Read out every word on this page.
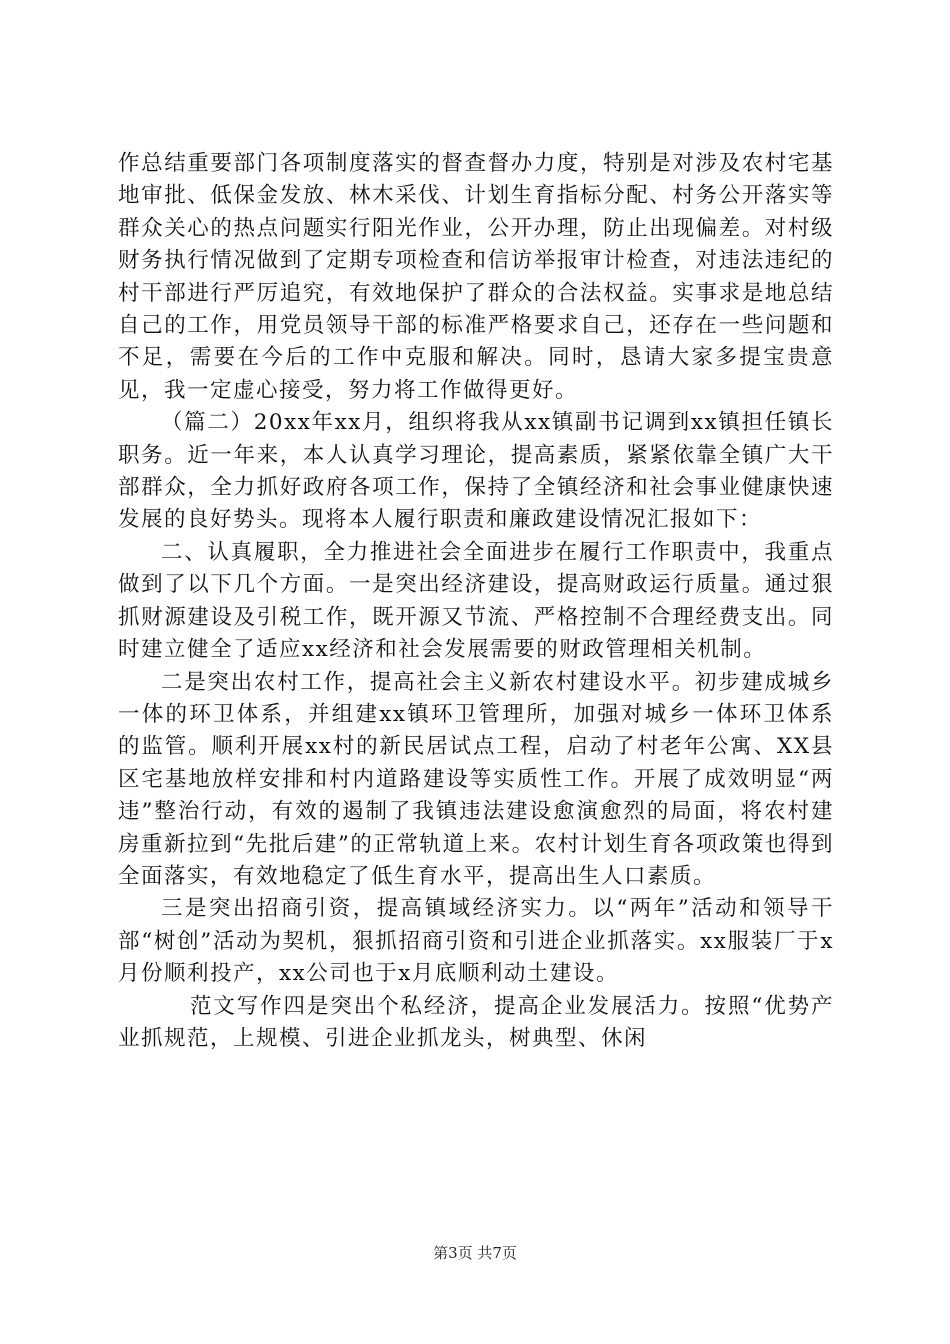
作总结重要部门各项制度落实的督查督办力度，特别是对涉及农村宅基地审批、低保金发放、林木采伐、计划生育指标分配、村务公开落实等群众关心的热点问题实行阳光作业，公开办理，防止出现偏差。对村级财务执行情况做到了定期专项检查和信访举报审计检查，对违法违纪的村干部进行严厉追究，有效地保护了群众的合法权益。实事求是地总结自己的工作，用党员领导干部的标准严格要求自己，还存在一些问题和不足，需要在今后的工作中克服和解决。同时，恳请大家多提宝贵意见，我一定虚心接受，努力将工作做得更好。

（篇二）20xx年xx月，组织将我从xx镇副书记调到xx镇担任镇长职务。近一年来，本人认真学习理论，提高素质，紧紧依靠全镇广大干部群众，全力抓好政府各项工作，保持了全镇经济和社会事业健康快速发展的良好势头。现将本人履行职责和廉政建设情况汇报如下：

二、认真履职，全力推进社会全面进步在履行工作职责中，我重点做到了以下几个方面。一是突出经济建设，提高财政运行质量。通过狠抓财源建设及引税工作，既开源又节流、严格控制不合理经费支出。同时建立健全了适应xx经济和社会发展需要的财政管理相关机制。

二是突出农村工作，提高社会主义新农村建设水平。初步建成城乡一体的环卫体系，并组建xx镇环卫管理所，加强对城乡一体环卫体系的监管。顺利开展xx村的新民居试点工程，启动了村老年公寓、XX县区宅基地放样安排和村内道路建设等实质性工作。开展了成效明显“两违”整治行动，有效的遏制了我镇违法建设愈演愈烈的局面，将农村建房重新拉到“先批后建”的正常轨道上来。农村计划生育各项政策也得到全面落实，有效地稳定了低生育水平，提高出生人口素质。

三是突出招商引资，提高镇域经济实力。以“两年”活动和领导干部“树创”活动为契机，狠抓招商引资和引进企业抓落实。xx服装厂于x月份顺利投产，xx公司也于x月底顺利动土建设。

范文写作四是突出个私经济，提高企业发展活力。按照“优势产业抓规范，上规模、引进企业抓龙头，树典型、休闲

第3页 共7页
